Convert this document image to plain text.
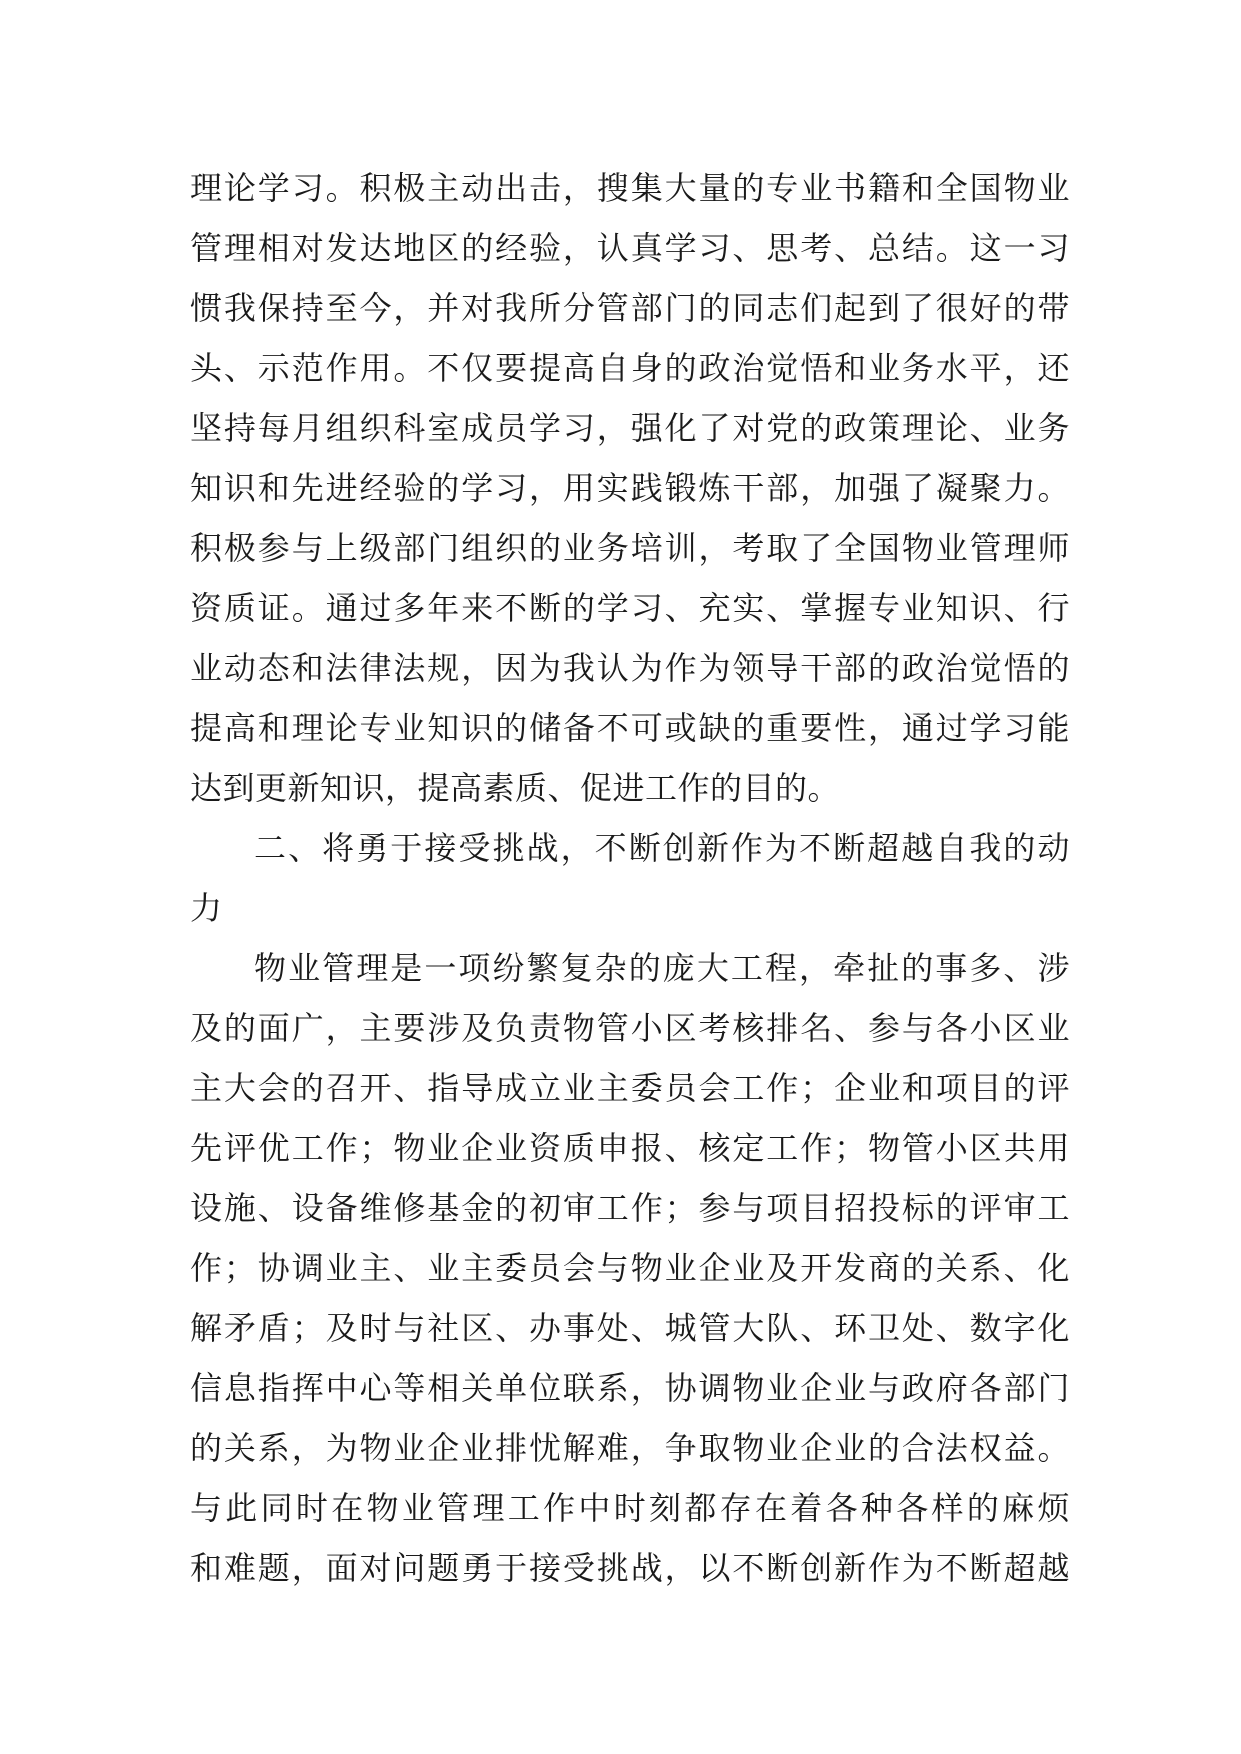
理论学习。积极主动出击，搜集大量的专业书籍和全国物业
管理相对发达地区的经验，认真学习、思考、总结。这一习
惯我保持至今，并对我所分管部门的同志们起到了很好的带
头、示范作用。不仅要提高自身的政治觉悟和业务水平，还
坚持每月组织科室成员学习，强化了对党的政策理论、业务
知识和先进经验的学习，用实践锻炼干部，加强了凝聚力。
积极参与上级部门组织的业务培训，考取了全国物业管理师
资质证。通过多年来不断的学习、充实、掌握专业知识、行
业动态和法律法规，因为我认为作为领导干部的政治觉悟的
提高和理论专业知识的储备不可或缺的重要性，通过学习能
达到更新知识，提高素质、促进工作的目的。
二、将勇于接受挑战，不断创新作为不断超越自我的动
力
物业管理是一项纷繁复杂的庞大工程，牵扯的事多、涉
及的面广，主要涉及负责物管小区考核排名、参与各小区业
主大会的召开、指导成立业主委员会工作；企业和项目的评
先评优工作；物业企业资质申报、核定工作；物管小区共用
设施、设备维修基金的初审工作；参与项目招投标的评审工
作；协调业主、业主委员会与物业企业及开发商的关系、化
解矛盾；及时与社区、办事处、城管大队、环卫处、数字化
信息指挥中心等相关单位联系，协调物业企业与政府各部门
的关系，为物业企业排忧解难，争取物业企业的合法权益。
与此同时在物业管理工作中时刻都存在着各种各样的麻烦
和难题，面对问题勇于接受挑战，以不断创新作为不断超越
